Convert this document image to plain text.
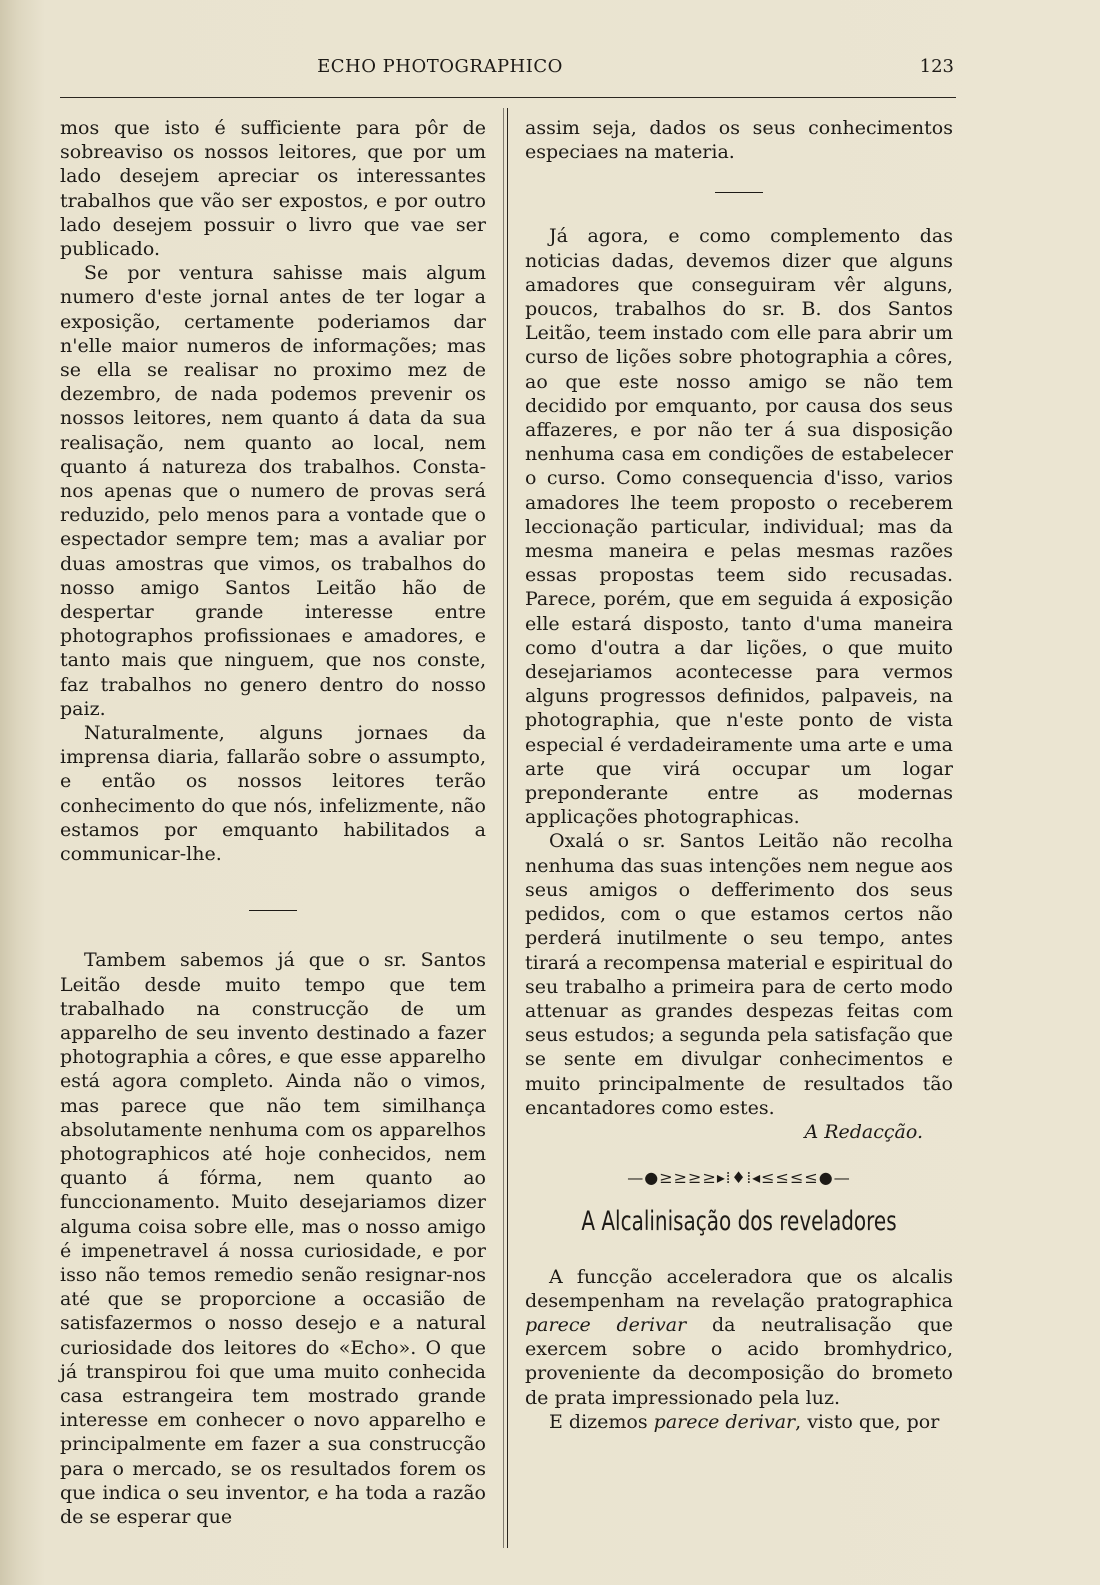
ECHO PHOTOGRAPHICO	123

mos que isto é sufficiente para pôr de sobreaviso os nossos leitores, que por um lado desejem apreciar os interessantes trabalhos que vão ser expostos, e por outro lado desejem possuir o livro que vae ser publicado.

Se por ventura sahisse mais algum numero d'este jornal antes de ter logar a exposição, certamente poderiamos dar n'elle maior numeros de informações; mas se ella se realisar no proximo mez de dezembro, de nada podemos prevenir os nossos leitores, nem quanto á data da sua realisação, nem quanto ao local, nem quanto á natureza dos trabalhos. Consta-nos apenas que o numero de provas será reduzido, pelo menos para a vontade que o espectador sempre tem; mas a avaliar por duas amostras que vimos, os trabalhos do nosso amigo Santos Leitão hão de despertar grande interesse entre photographos profissionaes e amadores, e tanto mais que ninguem, que nos conste, faz trabalhos no genero dentro do nosso paiz.

Naturalmente, alguns jornaes da imprensa diaria, fallarão sobre o assumpto, e então os nossos leitores terão conhecimento do que nós, infelizmente, não estamos por emquanto habilitados a communicar-lhe.

Tambem sabemos já que o sr. Santos Leitão desde muito tempo que tem trabalhado na construcção de um apparelho de seu invento destinado a fazer photographia a côres, e que esse apparelho está agora completo. Ainda não o vimos, mas parece que não tem similhança absolutamente nenhuma com os apparelhos photographicos até hoje conhecidos, nem quanto á fórma, nem quanto ao funccionamento. Muito desejariamos dizer alguma coisa sobre elle, mas o nosso amigo é impenetravel á nossa curiosidade, e por isso não temos remedio senão resignar-nos até que se proporcione a occasião de satisfazermos o nosso desejo e a natural curiosidade dos leitores do «Echo». O que já transpirou foi que uma muito conhecida casa estrangeira tem mostrado grande interesse em conhecer o novo apparelho e principalmente em fazer a sua construcção para o mercado, se os resultados forem os que indica o seu inventor, e ha toda a razão de se esperar que

assim seja, dados os seus conhecimentos especiaes na materia.

Já agora, e como complemento das noticias dadas, devemos dizer que alguns amadores que conseguiram vêr alguns, poucos, trabalhos do sr. B. dos Santos Leitão, teem instado com elle para abrir um curso de lições sobre photographia a côres, ao que este nosso amigo se não tem decidido por emquanto, por causa dos seus affazeres, e por não ter á sua disposição nenhuma casa em condições de estabelecer o curso. Como consequencia d'isso, varios amadores lhe teem proposto o receberem leccionação particular, individual; mas da mesma maneira e pelas mesmas razões essas propostas teem sido recusadas. Parece, porém, que em seguida á exposição elle estará disposto, tanto d'uma maneira como d'outra a dar lições, o que muito desejariamos acontecesse para vermos alguns progressos definidos, palpaveis, na photographia, que n'este ponto de vista especial é verdadeiramente uma arte e uma arte que virá occupar um logar preponderante entre as modernas applicações photographicas.

Oxalá o sr. Santos Leitão não recolha nenhuma das suas intenções nem negue aos seus amigos o defferimento dos seus pedidos, com o que estamos certos não perderá inutilmente o seu tempo, antes tirará a recompensa material e espiritual do seu trabalho a primeira para de certo modo attenuar as grandes despezas feitas com seus estudos; a segunda pela satisfação que se sente em divulgar conhecimentos e muito principalmente de resultados tão encantadores como estes.

A Redacção.

—●≥≥≥≥▸⁞♦⁞◂≤≤≤≤●—
A Alcalinisação dos reveladores

A funcção acceleradora que os alcalis desempenham na revelação pratographica parece derivar da neutralisação que exercem sobre o acido bromhydrico, proveniente da decomposição do brometo de prata impressionado pela luz.

E dizemos parece derivar, visto que, por
